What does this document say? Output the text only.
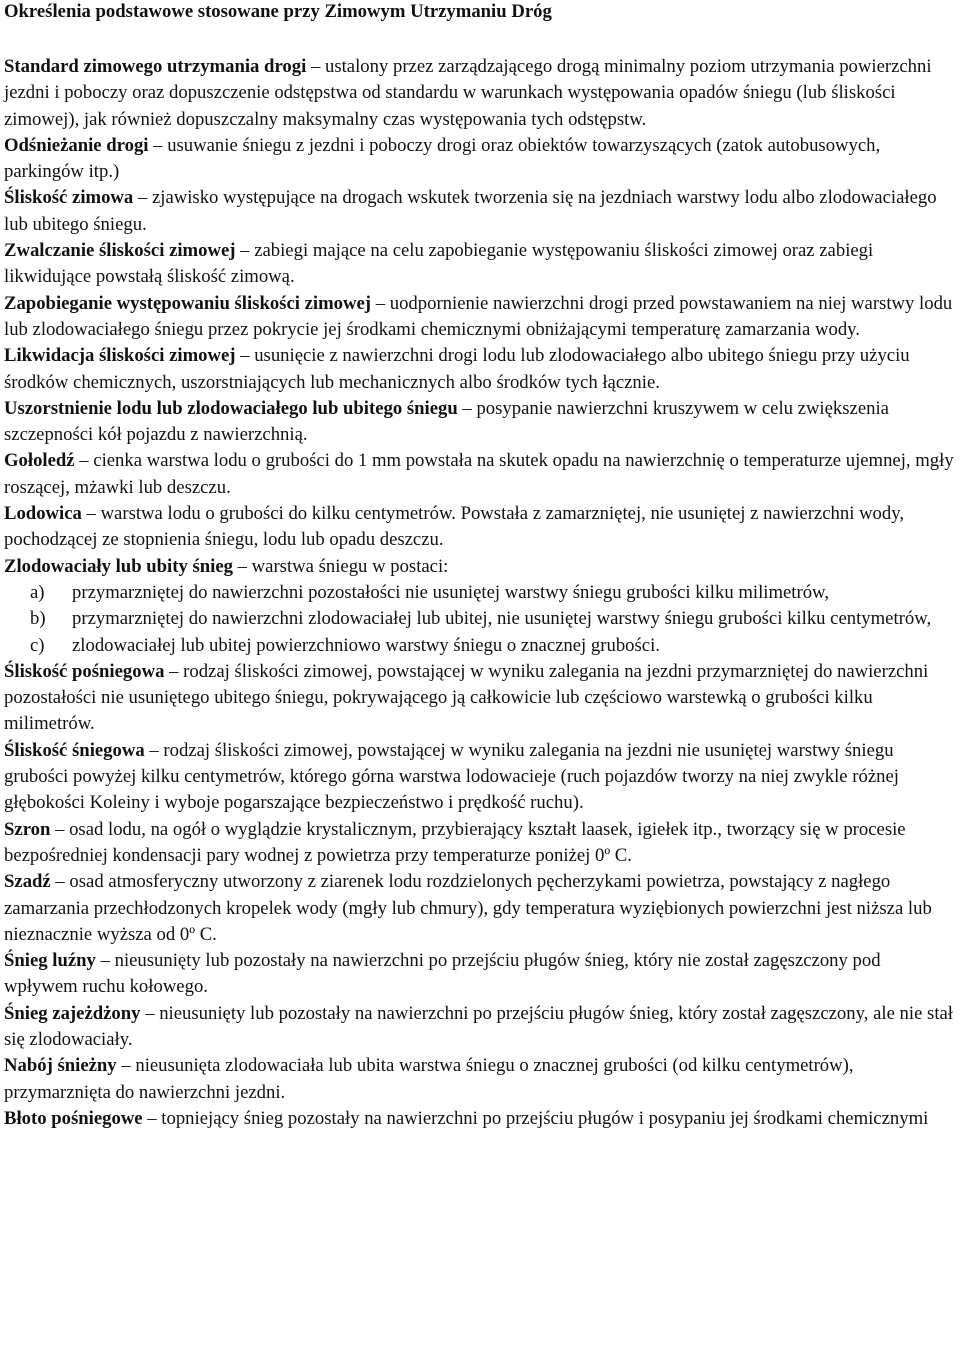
Określenia podstawowe stosowane przy Zimowym Utrzymaniu Dróg

Standard zimowego utrzymania drogi – ustalony przez zarządzającego drogą minimalny poziom utrzymania powierzchni jezdni i poboczy oraz dopuszczenie odstępstwa od standardu w warunkach występowania opadów śniegu (lub śliskości zimowej), jak również dopuszczalny maksymalny czas występowania tych odstępstw.

Odśnieżanie drogi – usuwanie śniegu z jezdni i poboczy drogi oraz obiektów towarzyszących (zatok autobusowych, parkingów itp.)

Śliskość zimowa – zjawisko występujące na drogach wskutek tworzenia się na jezdniach warstwy lodu albo zlodowaciałego lub ubitego śniegu.

Zwalczanie śliskości zimowej – zabiegi mające na celu zapobieganie występowaniu śliskości zimowej oraz zabiegi likwidujące powstałą śliskość zimową.

Zapobieganie występowaniu śliskości zimowej – uodpornienie nawierzchni drogi przed powstawaniem na niej warstwy lodu lub zlodowaciałego śniegu przez pokrycie jej środkami chemicznymi obniżającymi temperaturę zamarzania wody.

Likwidacja śliskości zimowej – usunięcie z nawierzchni drogi lodu lub zlodowaciałego albo ubitego śniegu przy użyciu środków chemicznych, uszorstniających lub mechanicznych albo środków tych łącznie.

Uszorstnienie lodu lub zlodowaciałego lub ubitego śniegu – posypanie nawierzchni kruszywem w celu zwiększenia szczepności kół pojazdu z nawierzchnią.

Gołoledź – cienka warstwa lodu o grubości do 1 mm powstała na skutek opadu na nawierzchnię o temperaturze ujemnej, mgły roszącej, mżawki lub deszczu.

Lodowica – warstwa lodu o grubości do kilku centymetrów. Powstała z zamarzniętej, nie usuniętej z nawierzchni wody, pochodzącej ze stopnienia śniegu, lodu lub opadu deszczu.

Zlodowaciały lub ubity śnieg – warstwa śniegu w postaci:

a) przymarzniętej do nawierzchni pozostałości nie usuniętej warstwy śniegu grubości kilku milimetrów,
b) przymarzniętej do nawierzchni zlodowaciałej lub ubitej, nie usuniętej warstwy śniegu grubości kilku centymetrów,
c) zlodowaciałej lub ubitej powierzchniowo warstwy śniegu o znacznej grubości.

Śliskość pośniegowa – rodzaj śliskości zimowej, powstającej w wyniku zalegania na jezdni przymarzniętej do nawierzchni pozostałości nie usuniętego ubitego śniegu, pokrywającego ją całkowicie lub częściowo warstewką o grubości kilku milimetrów.

Śliskość śniegowa – rodzaj śliskości zimowej, powstającej w wyniku zalegania na jezdni nie usuniętej warstwy śniegu grubości powyżej kilku centymetrów, którego górna warstwa lodowacieje (ruch pojazdów tworzy na niej zwykle różnej głębokości Koleiny i wyboje pogarszające bezpieczeństwo i prędkość ruchu).

Szron – osad lodu, na ogół o wyglądzie krystalicznym, przybierający kształt laasek, igiełek itp., tworzący się w procesie bezpośredniej kondensacji pary wodnej z powietrza przy temperaturze poniżej 0º C.

Szadź – osad atmosferyczny utworzony z ziarenek lodu rozdzielonych pęcherzykami powietrza, powstający z nagłego zamarzania przechłodzonych kropelek wody (mgły lub chmury), gdy temperatura wyziębionych powierzchni jest niższa lub nieznacznie wyższa od 0º C.

Śnieg luźny – nieusunięty lub pozostały na nawierzchni po przejściu pługów śnieg, który nie został zagęszczony pod wpływem ruchu kołowego.

Śnieg zajeżdżony – nieusunięty lub pozostały na nawierzchni po przejściu pługów śnieg, który został zagęszczony, ale nie stał się zlodowaciały.

Nabój śnieżny – nieusunięta zlodowaciała lub ubita warstwa śniegu o znacznej grubości (od kilku centymetrów), przymarznięta do nawierzchni jezdni.

Błoto pośniegowe – topniejący śnieg pozostały na nawierzchni po przejściu pługów i posypaniu jej środkami chemicznymi
